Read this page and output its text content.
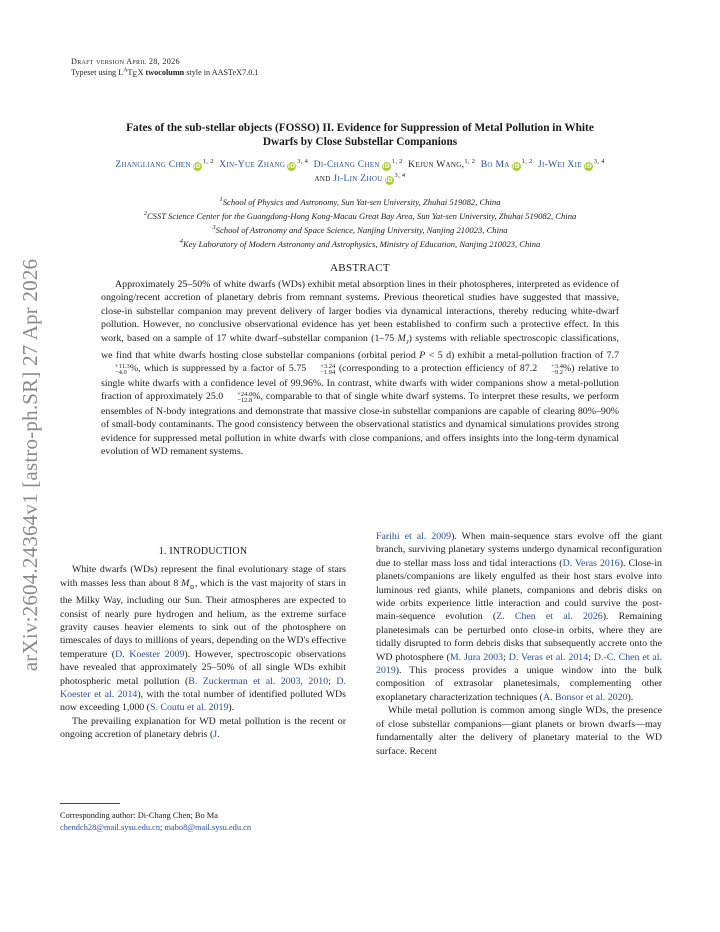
arXiv:2604.24364v1 [astro-ph.SR] 27 Apr 2026
Draft version April 28, 2026
Typeset using $L^ATEX$ twocolumn style in AASTeX7.0.1
Fates of the sub-stellar objects (FOSSO) II. Evidence for Suppression of Metal Pollution in White
Dwarfs by Close Substellar Companions
Zhangliang Chen iD$^{1, 2}$ Xin-Yue Zhang iD$^{3, 4}$ Di-Chang Chen iD$^{1, 2}$ Kejun Wang,$^{1, 2}$ Bo Ma iD$^{1, 2}$ Ji-Wei Xie iD$^{3, 4}$
and Ji-Lin Zhou iD$^{3, 4}$
$^1$School of Physics and Astronomy, Sun Yat-sen University, Zhuhai 519082, China
$^2$CSST Science Center for the Guangdong-Hong Kong-Macau Great Bay Area, Sun Yat-sen University, Zhuhai 519082, China
$^3$School of Astronomy and Space Science, Nanjing University, Nanjing 210023, China
$^4$Key Laboratory of Modern Astronomy and Astrophysics, Ministry of Education, Nanjing 210023, China
ABSTRACT
Approximately 25–50% of white dwarfs (WDs) exhibit metal absorption lines in their photospheres, interpreted as evidence of ongoing/recent accretion of planetary debris from remnant systems. Previous theoretical studies have suggested that massive, close-in substellar companion may prevent delivery of larger bodies via dynamical interactions, thereby reducing white-dwarf pollution. However, no conclusive observational evidence has yet been established to confirm such a protective effect. In this work, based on a sample of 17 white dwarf–substellar companion (1–75 $M_J$) systems with reliable spectroscopic classifications, we find that white dwarfs hosting close substellar companions (orbital period P < 5 d) exhibit a metal-pollution fraction of 7.7
+11.3
−4.0 %, which is suppressed by a factor of 5.75	+3.24
−1.94 (corresponding to a protection efficiency of 87.2	+3.4
−9.2 %) relative to single white dwarfs with a confidence level of 99.96%. In contrast, white dwarfs with wider companions show a metal-pollution fraction of approximately 25.0	+24.0
−12.8 %, comparable to that of single white dwarf systems. To interpret these results, we perform ensembles of N-body integrations and demonstrate that massive close-in substellar companions are capable of clearing 80%–90% of small-body contaminants. The good consistency between the observational statistics and dynamical simulations provides strong evidence for suppressed metal pollution in white dwarfs with close companions, and offers insights into the long-term dynamical evolution of WD remanent systems.
1. INTRODUCTION

White dwarfs (WDs) represent the final evolutionary stage of stars with masses less than about 8 $M_⊙$, which is the vast majority of stars in the Milky Way, including our Sun. Their atmospheres are expected to consist of nearly pure hydrogen and helium, as the extreme surface gravity causes heavier elements to sink out of the photosphere on timescales of days to millions of years, depending on the WD's effective temperature (D. Koester 2009). However, spectroscopic observations have revealed that approximately 25–50% of all single WDs exhibit photospheric metal pollution (B. Zuckerman et al. 2003, 2010; D. Koester et al. 2014), with the total number of identified polluted WDs now exceeding 1,000 (S. Coutu et al. 2019).

The prevailing explanation for WD metal pollution is the recent or ongoing accretion of planetary debris (J.

Farihi et al. 2009). When main-sequence stars evolve off the giant branch, surviving planetary systems undergo dynamical reconfiguration due to stellar mass loss and tidal interactions (D. Veras 2016). Close-in planets/companions are likely engulfed as their host stars evolve into luminous red giants, while planets, companions and debris disks on wide orbits experience little interaction and could survive the post-main-sequence evolution (Z. Chen et al. 2026). Remaining planetesimals can be perturbed onto close-in orbits, where they are tidally disrupted to form debris disks that subsequently accrete onto the WD photosphere (M. Jura 2003; D. Veras et al. 2014; D.-C. Chen et al. 2019). This process provides a unique window into the bulk composition of extrasolar planetesimals, complementing other exoplanetary characterization techniques (A. Bonsor et al. 2020).

While metal pollution is common among single WDs, the presence of close substellar companions—giant planets or brown dwarfs—may fundamentally alter the delivery of planetary material to the WD surface. Recent

Corresponding author: Di-Chang Chen; Bo Ma
chendch28@mail.sysu.edu.cn; mabo8@mail.sysu.edu.cn
